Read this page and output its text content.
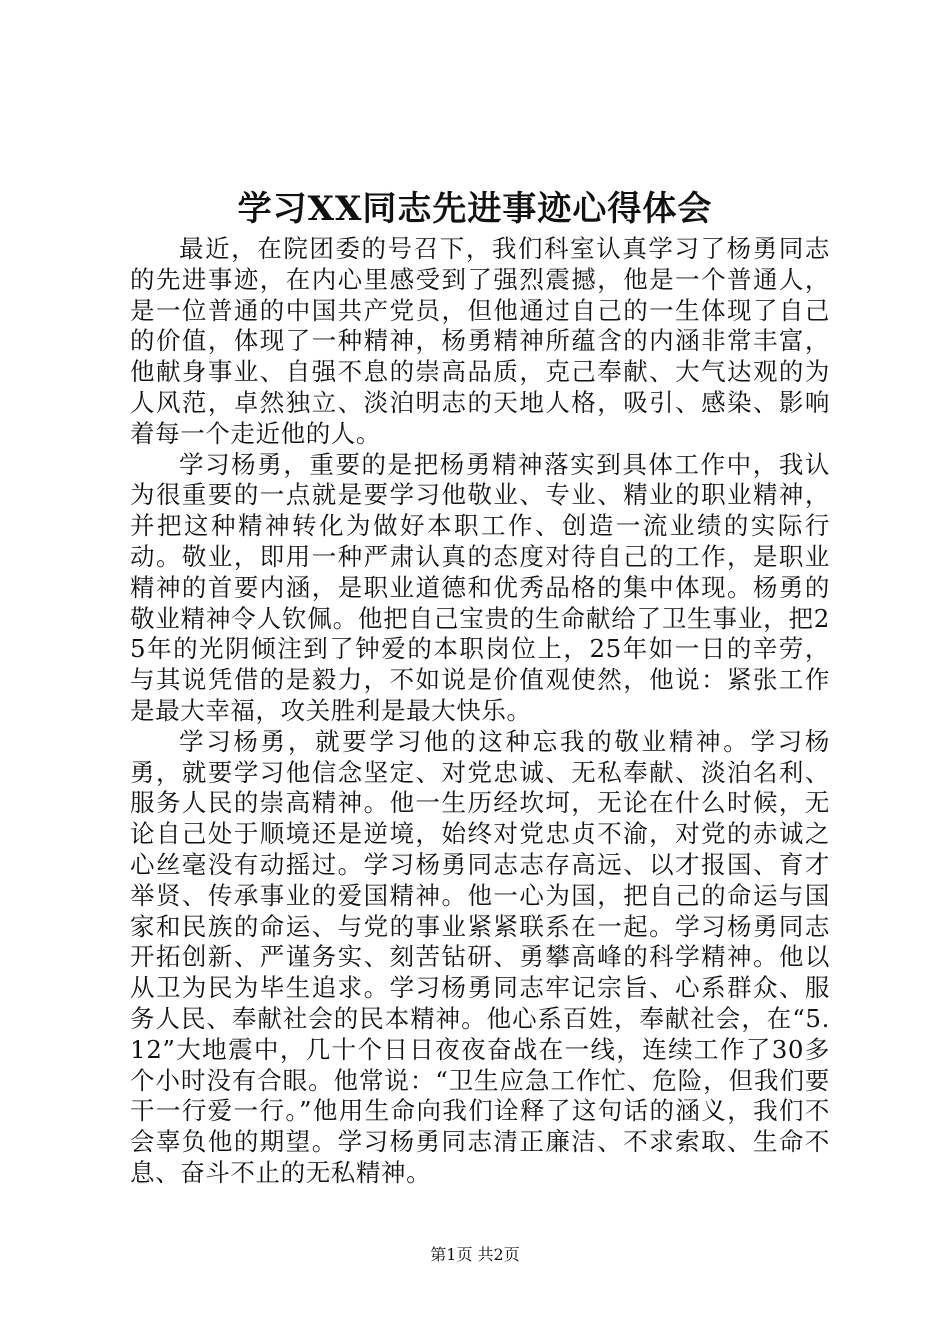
学习XX同志先进事迹心得体会

最近，在院团委的号召下，我们科室认真学习了杨勇同志的先进事迹，在内心里感受到了强烈震撼，他是一个普通人，是一位普通的中国共产党员，但他通过自己的一生体现了自己的价值，体现了一种精神，杨勇精神所蕴含的内涵非常丰富，他献身事业、自强不息的崇高品质，克己奉献、大气达观的为人风范，卓然独立、淡泊明志的天地人格，吸引、感染、影响着每一个走近他的人。

学习杨勇，重要的是把杨勇精神落实到具体工作中，我认为很重要的一点就是要学习他敬业、专业、精业的职业精神，并把这种精神转化为做好本职工作、创造一流业绩的实际行动。敬业，即用一种严肃认真的态度对待自己的工作，是职业精神的首要内涵，是职业道德和优秀品格的集中体现。杨勇的敬业精神令人钦佩。他把自己宝贵的生命献给了卫生事业，把25年的光阴倾注到了钟爱的本职岗位上，25年如一日的辛劳，与其说凭借的是毅力，不如说是价值观使然，他说：紧张工作是最大幸福，攻关胜利是最大快乐。

学习杨勇，就要学习他的这种忘我的敬业精神。学习杨勇，就要学习他信念坚定、对党忠诚、无私奉献、淡泊名利、服务人民的崇高精神。他一生历经坎坷，无论在什么时候，无论自己处于顺境还是逆境，始终对党忠贞不渝，对党的赤诚之心丝毫没有动摇过。学习杨勇同志志存高远、以才报国、育才举贤、传承事业的爱国精神。他一心为国，把自己的命运与国家和民族的命运、与党的事业紧紧联系在一起。学习杨勇同志开拓创新、严谨务实、刻苦钻研、勇攀高峰的科学精神。他以从卫为民为毕生追求。学习杨勇同志牢记宗旨、心系群众、服务人民、奉献社会的民本精神。他心系百姓，奉献社会，在“5.12”大地震中，几十个日日夜夜奋战在一线，连续工作了30多个小时没有合眼。他常说：“卫生应急工作忙、危险，但我们要干一行爱一行。”他用生命向我们诠释了这句话的涵义，我们不会辜负他的期望。学习杨勇同志清正廉洁、不求索取、生命不息、奋斗不止的无私精神。

第1页 共2页
